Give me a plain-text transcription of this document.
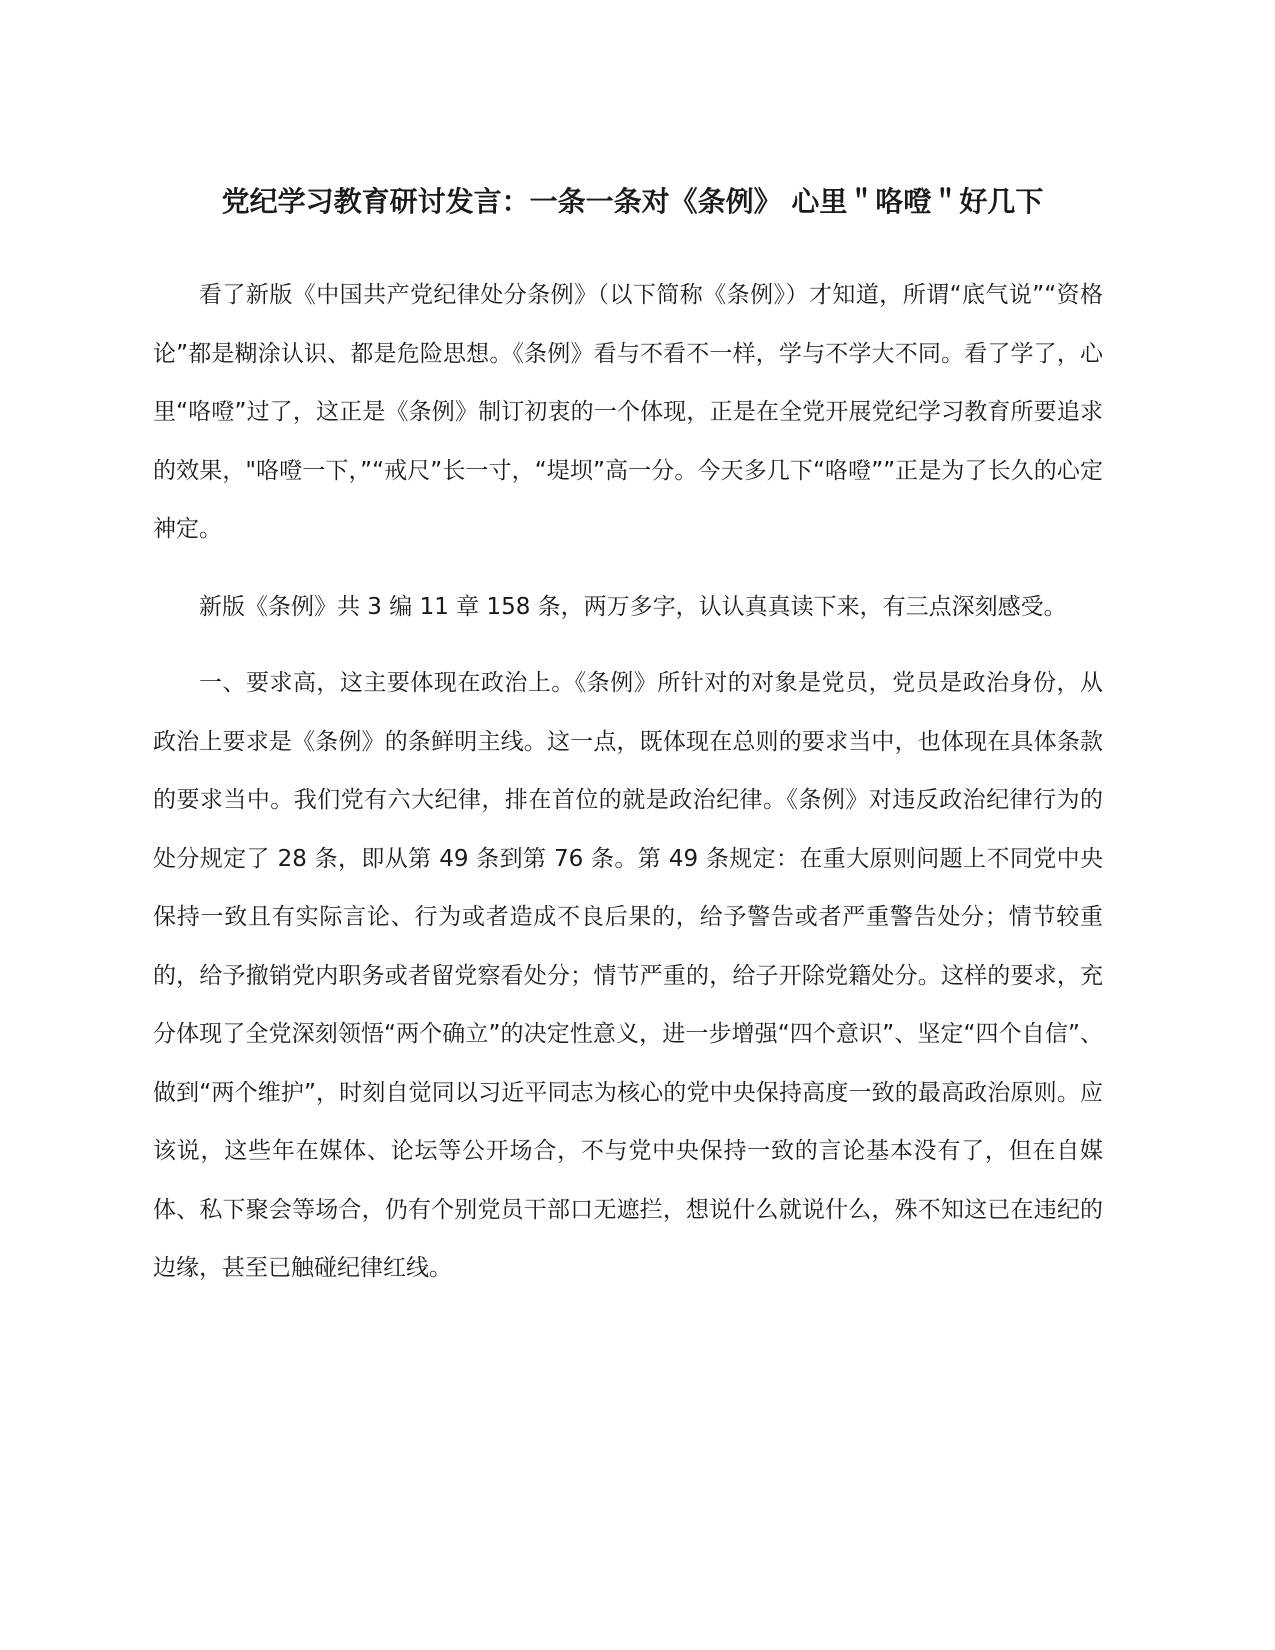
党纪学习教育研讨发言：一条一条对《条例》 心里＂咯噔＂好几下

看了新版《中国共产党纪律处分条例》（以下简称《条例》）才知道，所谓“底气说”“资格论”都是糊涂认识、都是危险思想。《条例》看与不看不一样，学与不学大不同。看了学了，心里“咯噔”过了，这正是《条例》制订初衷的一个体现，正是在全党开展党纪学习教育所要追求的效果，"咯噔一下，”“戒尺”长一寸，“堤坝”高一分。今天多几下“咯噔””正是为了长久的心定神定。

新版《条例》共 3 编 11 章 158 条，两万多字，认认真真读下来，有三点深刻感受。

一、要求高，这主要体现在政治上。《条例》所针对的对象是党员，党员是政治身份，从政治上要求是《条例》的条鲜明主线。这一点，既体现在总则的要求当中，也体现在具体条款的要求当中。我们党有六大纪律，排在首位的就是政治纪律。《条例》对违反政治纪律行为的处分规定了 28 条，即从第 49 条到第 76 条。第 49 条规定：在重大原则问题上不同党中央保持一致且有实际言论、行为或者造成不良后果的，给予警告或者严重警告处分；情节较重的，给予撤销党内职务或者留党察看处分；情节严重的，给子开除党籍处分。这样的要求，充分体现了全党深刻领悟“两个确立”的决定性意义，进一步增强“四个意识”、坚定“四个自信”、做到“两个维护”，时刻自觉同以习近平同志为核心的党中央保持高度一致的最高政治原则。应该说，这些年在媒体、论坛等公开场合，不与党中央保持一致的言论基本没有了，但在自媒体、私下聚会等场合，仍有个别党员干部口无遮拦，想说什么就说什么，殊不知这已在违纪的边缘，甚至已触碰纪律红线。
